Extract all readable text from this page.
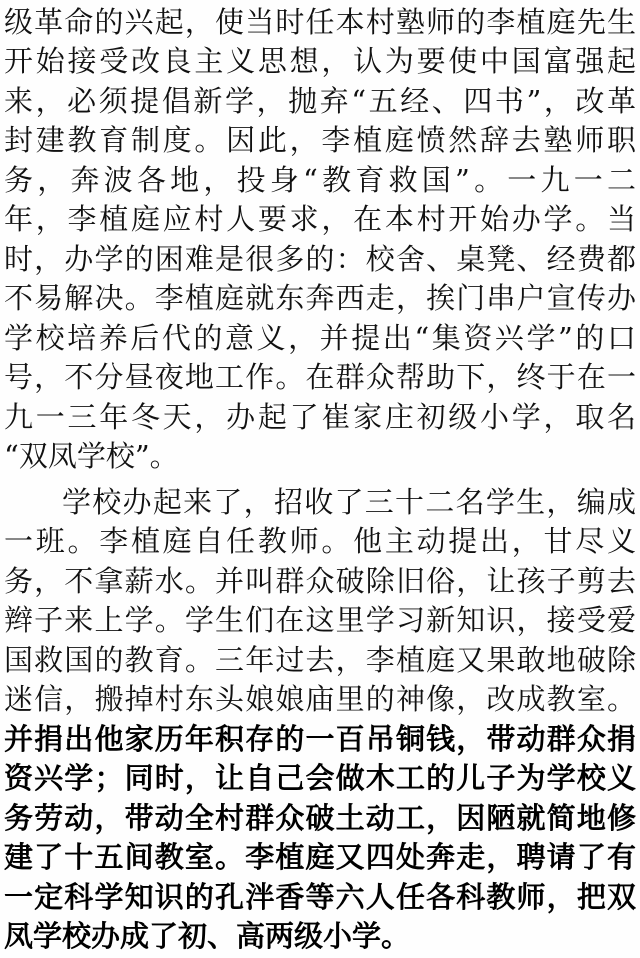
级革命的兴起，使当时任本村塾师的李植庭先生
开始接受改良主义思想，认为要使中国富强起
来，必须提倡新学，抛弃“五经、四书”，改革
封建教育制度。因此，李植庭愤然辞去塾师职
务，奔波各地，投身“教育救国”。一九一二
年，李植庭应村人要求，在本村开始办学。当
时，办学的困难是很多的：校舍、桌凳、经费都
不易解决。李植庭就东奔西走，挨门串户宣传办
学校培养后代的意义，并提出“集资兴学”的口
号，不分昼夜地工作。在群众帮助下，终于在一
九一三年冬天，办起了崔家庄初级小学，取名
“双凤学校”。
学校办起来了，招收了三十二名学生，编成
一班。李植庭自任教师。他主动提出，甘尽义
务，不拿薪水。并叫群众破除旧俗，让孩子剪去
辫子来上学。学生们在这里学习新知识，接受爱
国救国的教育。三年过去，李植庭又果敢地破除
迷信，搬掉村东头娘娘庙里的神像，改成教室。
并捐出他家历年积存的一百吊铜钱，带动群众捐
资兴学；同时，让自己会做木工的儿子为学校义
务劳动，带动全村群众破土动工，因陋就简地修
建了十五间教室。李植庭又四处奔走，聘请了有
一定科学知识的孔泮香等六人任各科教师，把双
凤学校办成了初、高两级小学。
